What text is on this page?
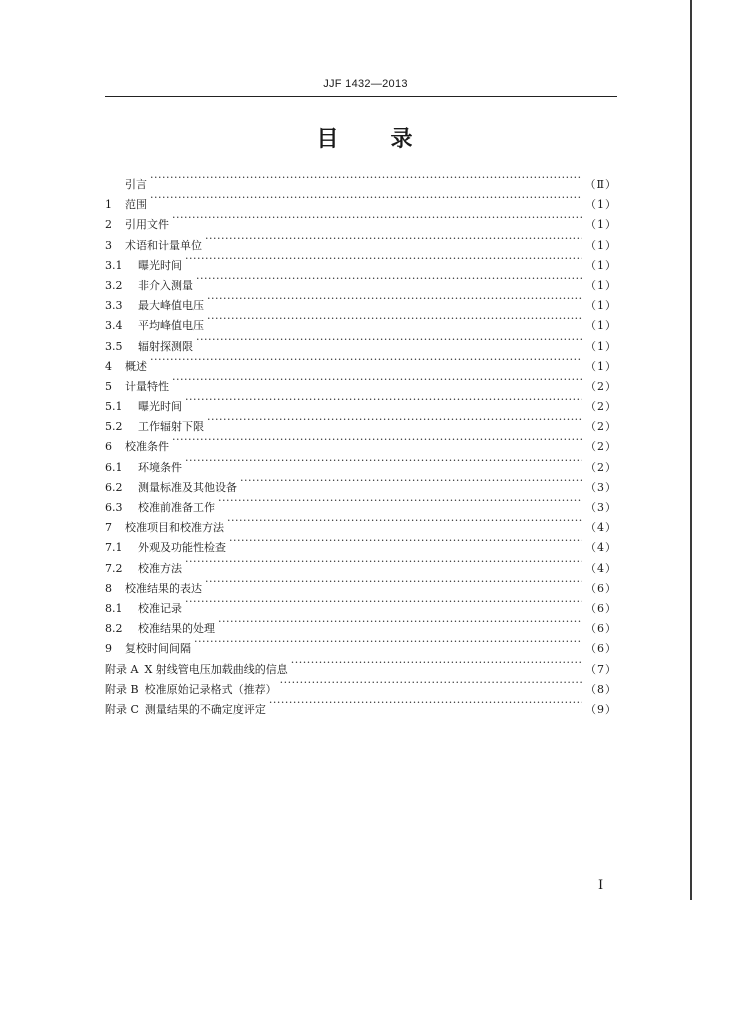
JJF 1432—2013
目 录
引言 ·····	（Ⅱ）
1	范围 ·····	（1）
2	引用文件 ·····	（1）
3	术语和计量单位 ·····	（1）
3.1	曝光时间 ·····	（1）
3.2	非介入测量 ·····	（1）
3.3	最大峰值电压 ·····	（1）
3.4	平均峰值电压 ·····	（1）
3.5	辐射探测限 ·····	（1）
4	概述 ·····	（1）
5	计量特性 ·····	（2）
5.1	曝光时间 ·····	（2）
5.2	工作辐射下限 ·····	（2）
6	校准条件 ·····	（2）
6.1	环境条件 ·····	（2）
6.2	测量标准及其他设备 ·····	（3）
6.3	校准前准备工作 ·····	（3）
7	校准项目和校准方法 ·····	（4）
7.1	外观及功能性检查 ·····	（4）
7.2	校准方法 ·····	（4）
8	校准结果的表达 ·····	（6）
8.1	校准记录 ·····	（6）
8.2	校准结果的处理 ·····	（6）
9	复校时间间隔 ·····	（6）
附录 A X 射线管电压加载曲线的信息 ·····	（7）
附录 B 校准原始记录格式（推荐） ·····	（8）
附录 C 测量结果的不确定度评定 ·····	（9）
I
